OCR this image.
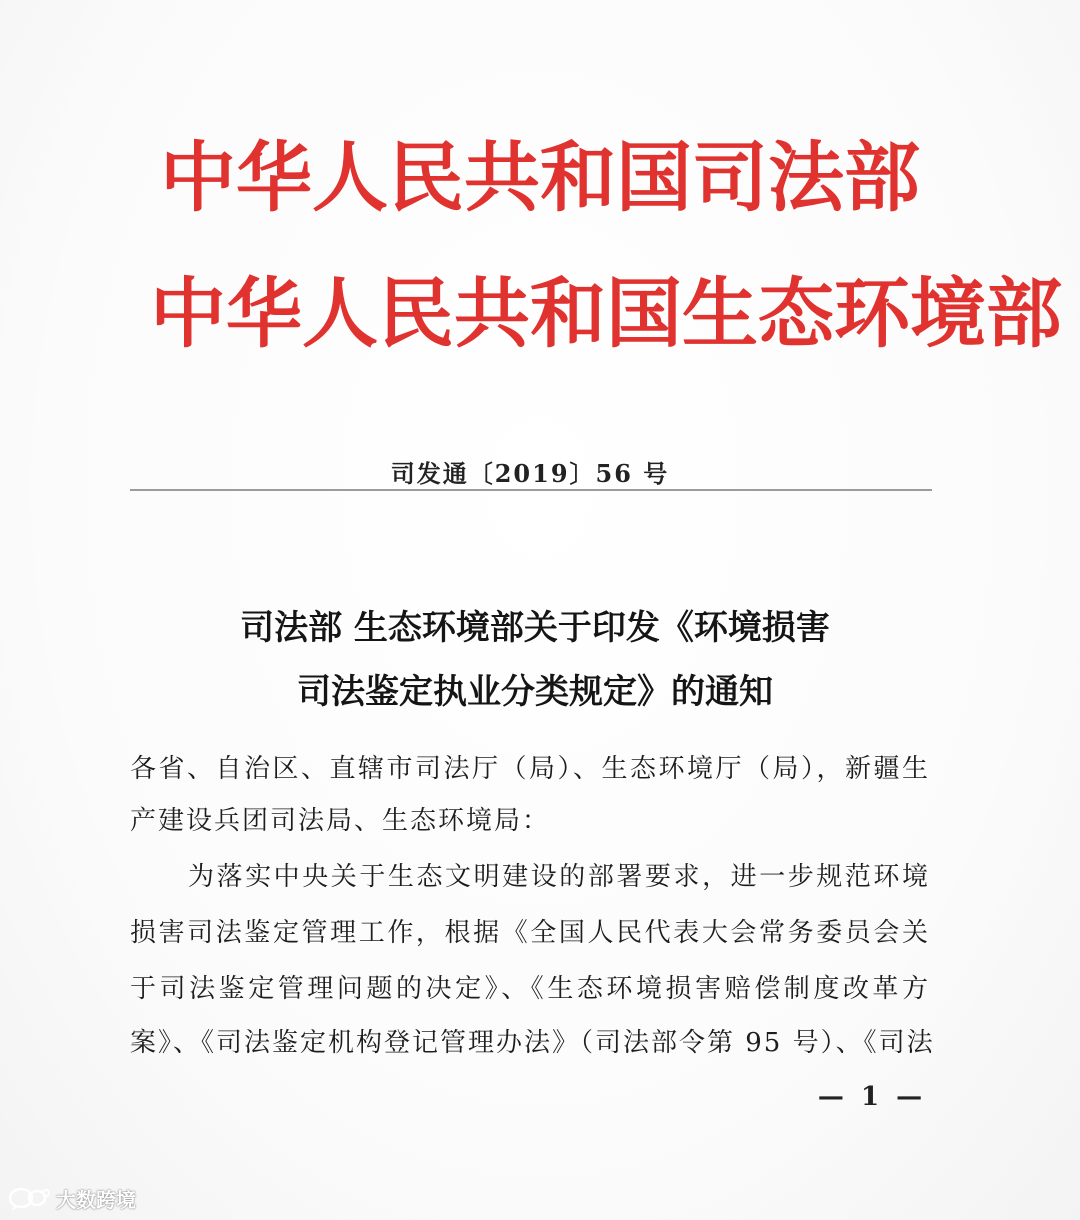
中华人民共和国司法部
中华人民共和国生态环境部
司发通〔2019〕56 号
司法部 生态环境部关于印发《环境损害
司法鉴定执业分类规定》的通知
各省、自治区、直辖市司法厅（局）、生态环境厅（局），新疆生
产建设兵团司法局、生态环境局：
为落实中央关于生态文明建设的部署要求，进一步规范环境
损害司法鉴定管理工作，根据《全国人民代表大会常务委员会关
于司法鉴定管理问题的决定》、《生态环境损害赔偿制度改革方
案》、《司法鉴定机构登记管理办法》（司法部令第 95 号）、《司法
— 1 —
大数跨境
